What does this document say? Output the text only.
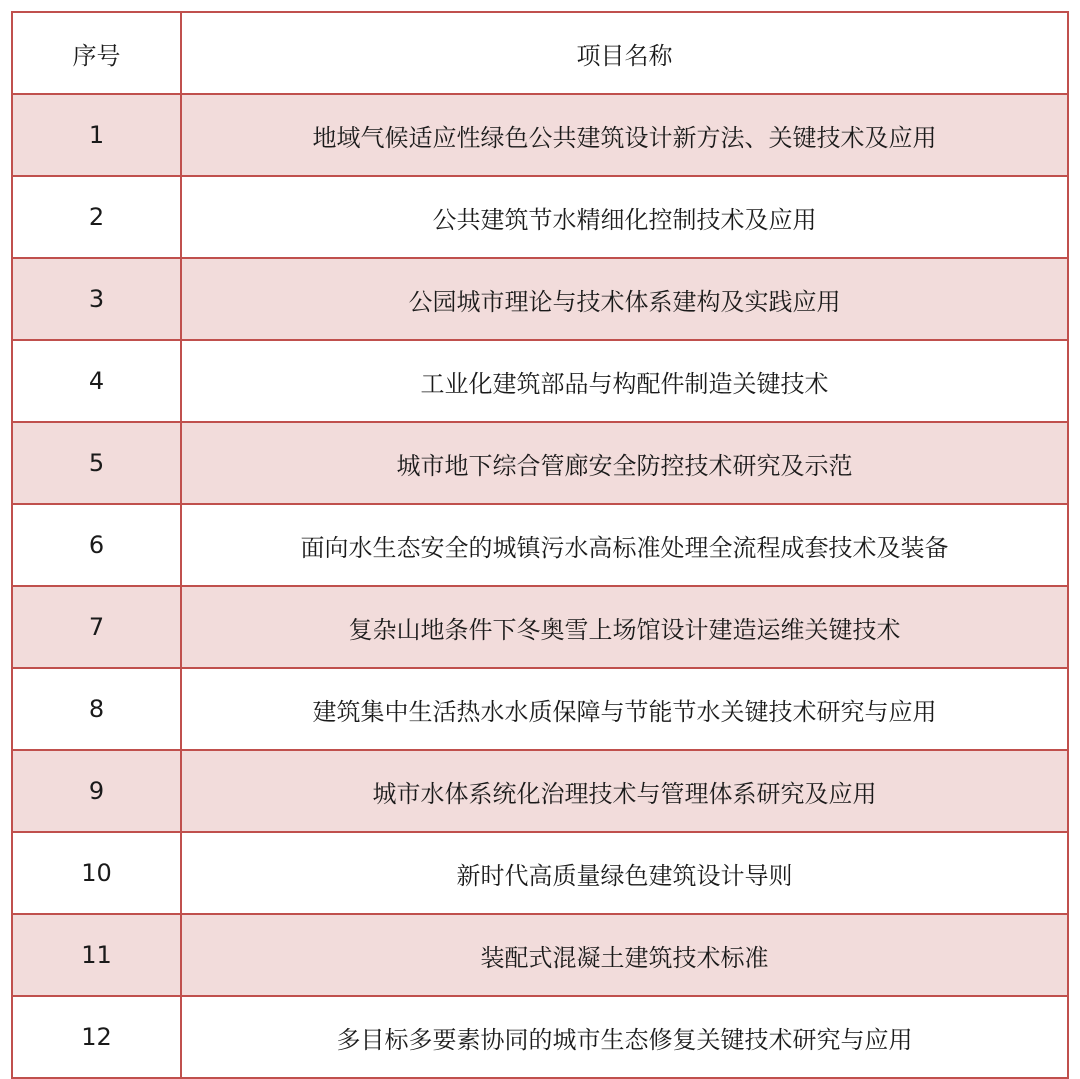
序号	项目名称
1	地域气候适应性绿色公共建筑设计新方法、关键技术及应用
2	公共建筑节水精细化控制技术及应用
3	公园城市理论与技术体系建构及实践应用
4	工业化建筑部品与构配件制造关键技术
5	城市地下综合管廊安全防控技术研究及示范
6	面向水生态安全的城镇污水高标准处理全流程成套技术及装备
7	复杂山地条件下冬奥雪上场馆设计建造运维关键技术
8	建筑集中生活热水水质保障与节能节水关键技术研究与应用
9	城市水体系统化治理技术与管理体系研究及应用
10	新时代高质量绿色建筑设计导则
11	装配式混凝土建筑技术标准
12	多目标多要素协同的城市生态修复关键技术研究与应用
